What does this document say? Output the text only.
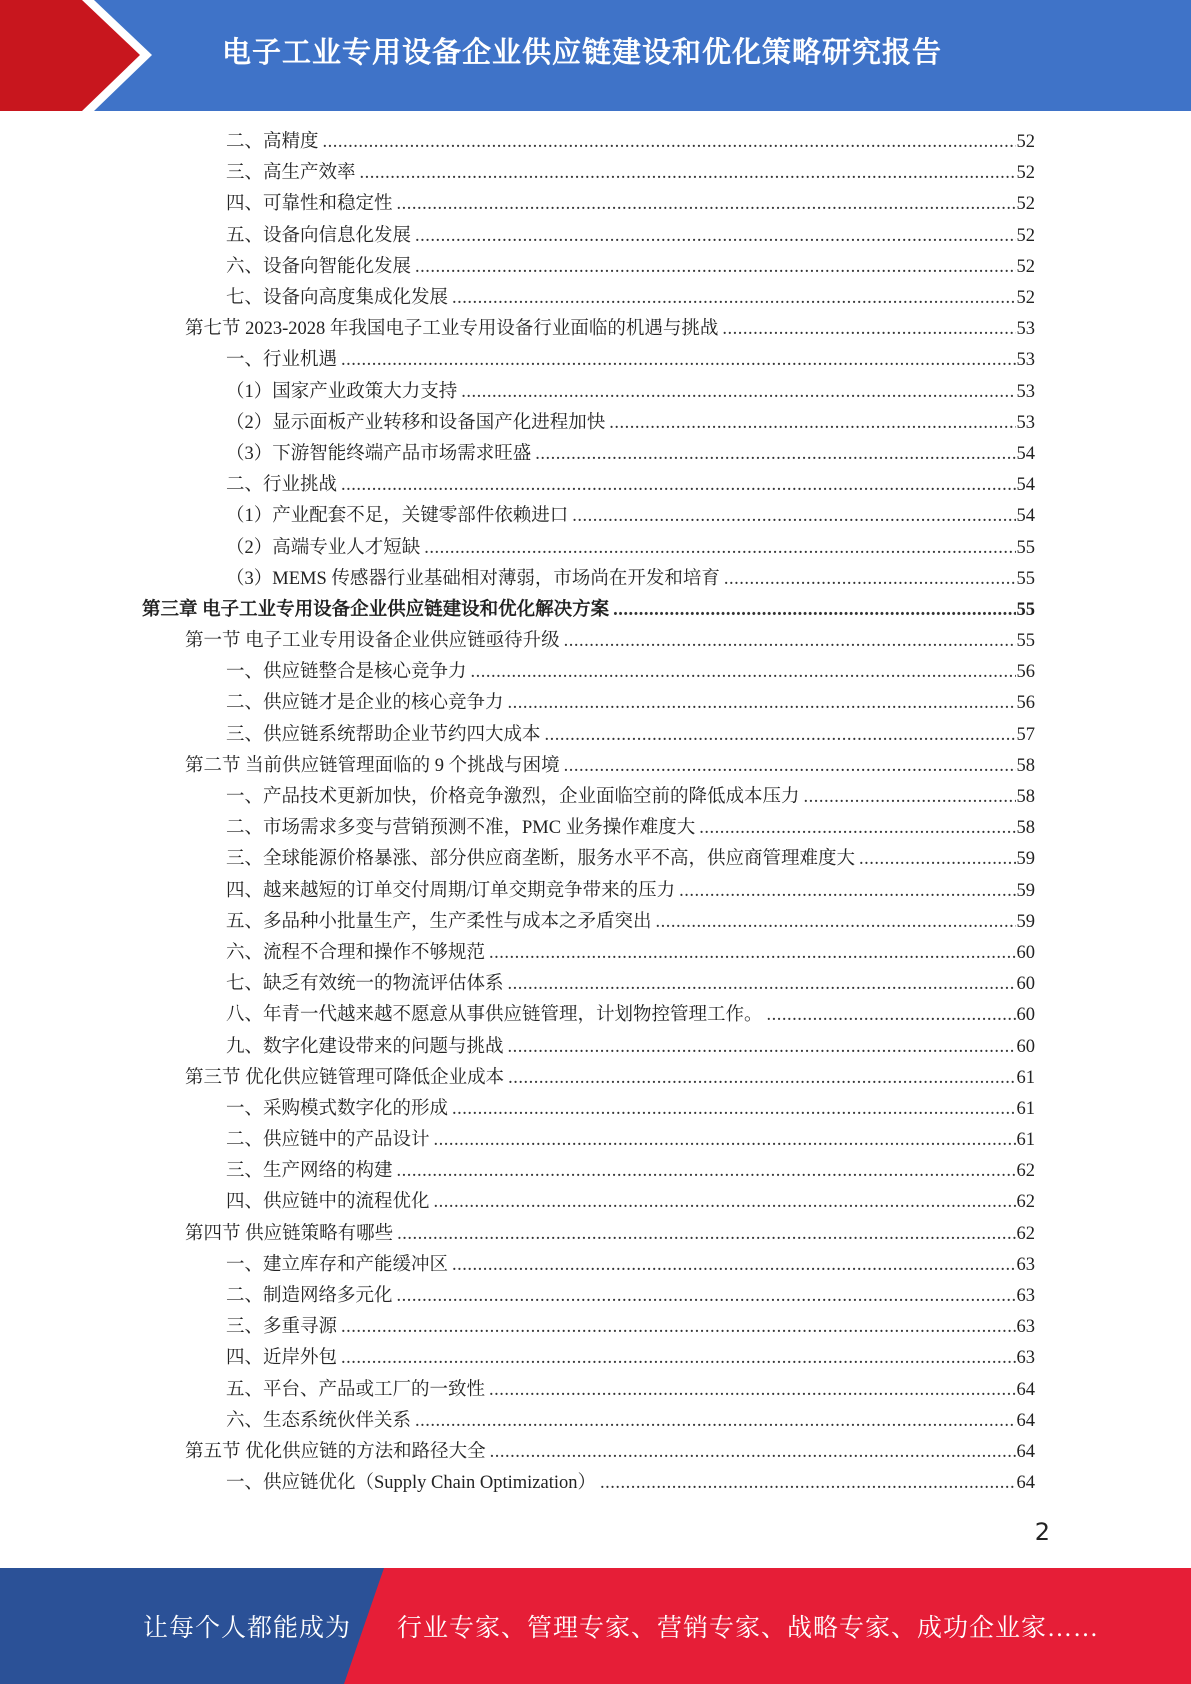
电子工业专用设备企业供应链建设和优化策略研究报告
二、高精度 .....	52
三、高生产效率 .....	52
四、可靠性和稳定性 .....	52
五、设备向信息化发展 .....	52
六、设备向智能化发展 .....	52
七、设备向高度集成化发展 .....	52
第七节 2023-2028 年我国电子工业专用设备行业面临的机遇与挑战 .....	53
一、行业机遇 .....	53
（1）国家产业政策大力支持 .....	53
（2）显示面板产业转移和设备国产化进程加快 .....	53
（3）下游智能终端产品市场需求旺盛 .....	54
二、行业挑战 .....	54
（1）产业配套不足，关键零部件依赖进口 .....	54
（2）高端专业人才短缺 .....	55
（3）MEMS 传感器行业基础相对薄弱，市场尚在开发和培育 .....	55
第三章 电子工业专用设备企业供应链建设和优化解决方案 .....	55
第一节 电子工业专用设备企业供应链亟待升级 .....	55
一、供应链整合是核心竞争力 .....	56
二、供应链才是企业的核心竞争力 .....	56
三、供应链系统帮助企业节约四大成本 .....	57
第二节 当前供应链管理面临的 9 个挑战与困境 .....	58
一、产品技术更新加快，价格竞争激烈，企业面临空前的降低成本压力 .....	58
二、市场需求多变与营销预测不准，PMC 业务操作难度大 .....	58
三、全球能源价格暴涨、部分供应商垄断，服务水平不高，供应商管理难度大 .....	59
四、越来越短的订单交付周期/订单交期竞争带来的压力 .....	59
五、多品种小批量生产，生产柔性与成本之矛盾突出 .....	59
六、流程不合理和操作不够规范 .....	60
七、缺乏有效统一的物流评估体系 .....	60
八、年青一代越来越不愿意从事供应链管理，计划物控管理工作。 .....	60
九、数字化建设带来的问题与挑战 .....	60
第三节 优化供应链管理可降低企业成本 .....	61
一、采购模式数字化的形成 .....	61
二、供应链中的产品设计 .....	61
三、生产网络的构建 .....	62
四、供应链中的流程优化 .....	62
第四节 供应链策略有哪些 .....	62
一、建立库存和产能缓冲区 .....	63
二、制造网络多元化 .....	63
三、多重寻源 .....	63
四、近岸外包 .....	63
五、平台、产品或工厂的一致性 .....	64
六、生态系统伙伴关系 .....	64
第五节 优化供应链的方法和路径大全 .....	64
一、供应链优化（Supply Chain Optimization） .....	64
2
让每个人都能成为 行业专家、管理专家、营销专家、战略专家、成功企业家……
